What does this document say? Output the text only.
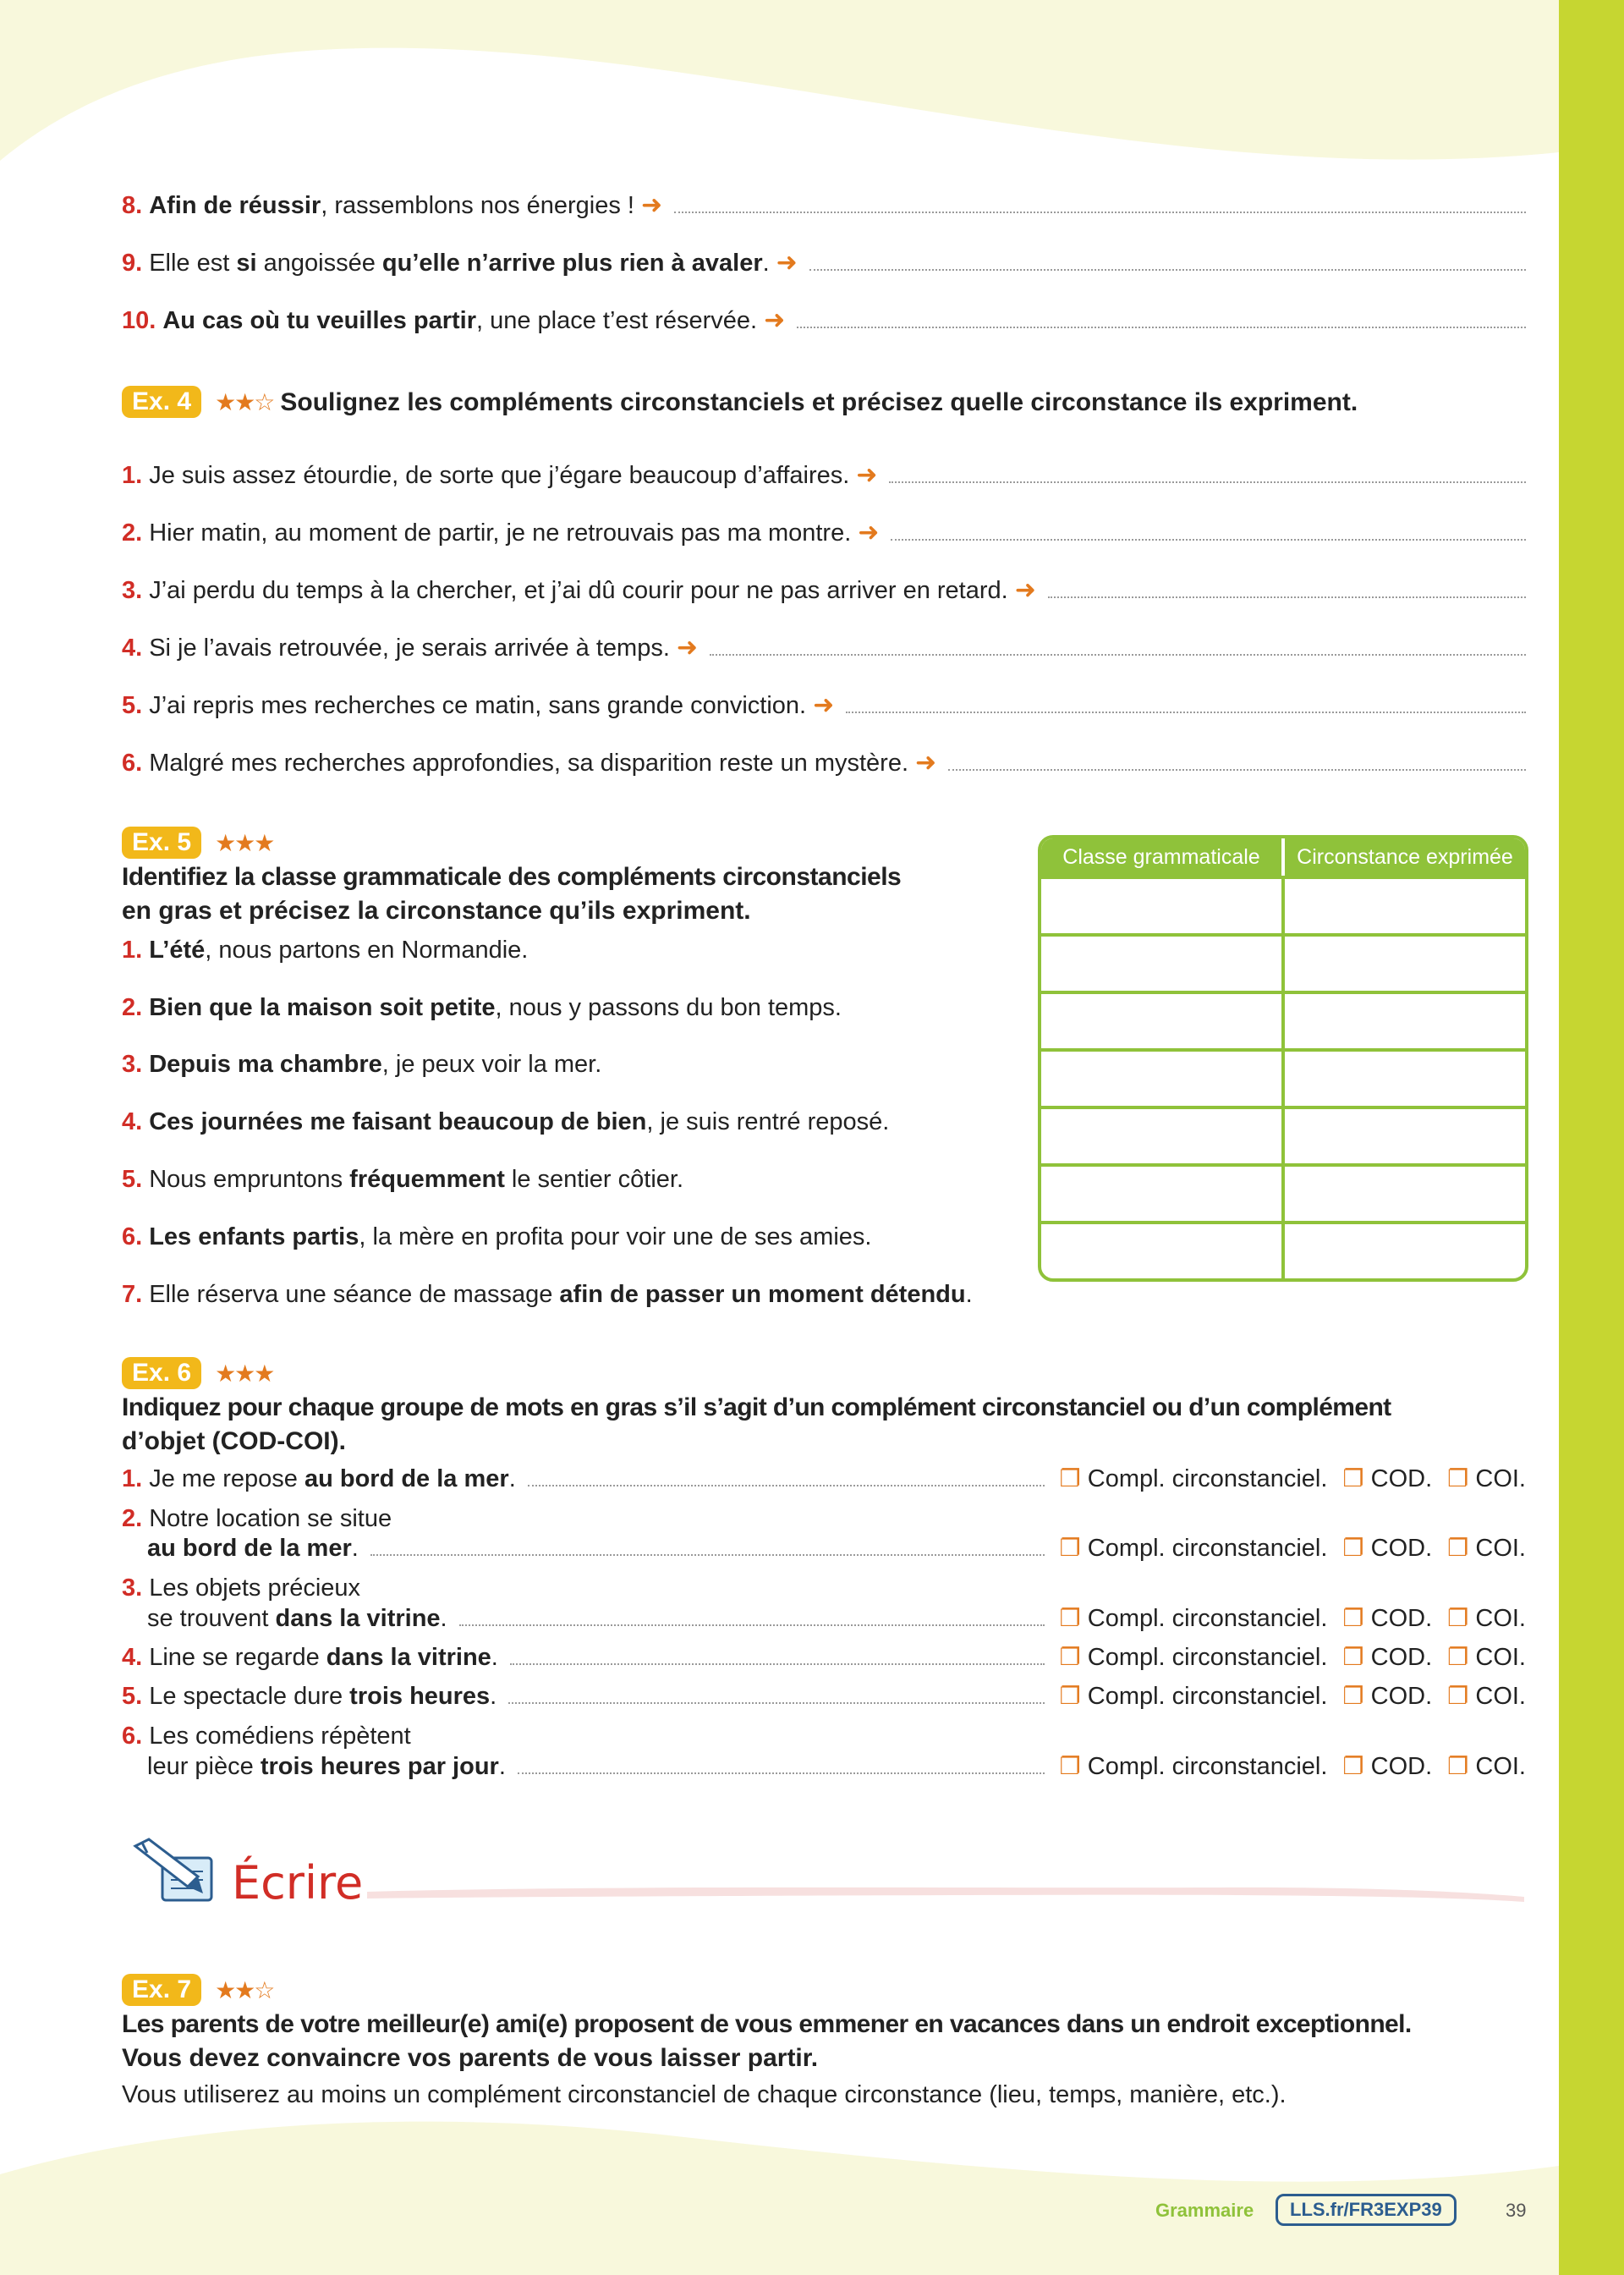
8. Afin de réussir , rassemblons nos énergies ! ➜
9. Elle est
si
angoissée
qu’elle n’arrive plus rien à avaler . ➜
10. Au cas où tu veuilles partir , une place t’est réservée. ➜
Ex. 4	★★☆ Soulignez les compléments circonstanciels et précisez quelle circonstance ils expriment.
1. Je suis assez étourdie, de sorte que j’égare beaucoup d’affaires. ➜
2. Hier matin, au moment de partir, je ne retrouvais pas ma montre. ➜
3. J’ai perdu du temps à la chercher, et j’ai dû courir pour ne pas arriver en retard. ➜
4. Si je l’avais retrouvée, je serais arrivée à temps. ➜
5. J’ai repris mes recherches ce matin, sans grande conviction. ➜
6. Malgré mes recherches approfondies, sa disparition reste un mystère. ➜
Ex. 5	★★★
Identifiez la classe grammaticale des compléments circonstanciels
en gras et précisez la circonstance qu’ils expriment.
Classe grammaticale	Circonstance exprimée
1. L’été , nous partons en Normandie.
2. Bien que la maison soit petite , nous y passons du bon temps.
3. Depuis ma chambre , je peux voir la mer.
4. Ces journées me faisant beaucoup de bien , je suis rentré reposé.
5. Nous empruntons fréquemment le sentier côtier.
6. Les enfants partis , la mère en profita pour voir une de ses amies.
7. Elle réserva une séance de massage afin de passer un moment détendu .
Ex. 6	★★★
Indiquez pour chaque groupe de mots en gras s’il s’agit d’un complément circonstanciel ou d’un complément
d’objet (COD-COI).
1. Je me repose au bord de la mer .	❐ Compl. circonstanciel. ❐ COD. ❐ COI.
2. Notre location se situe
au bord de la mer .	❐ Compl. circonstanciel. ❐ COD. ❐ COI.
3. Les objets précieux
se trouvent dans la vitrine .	❐ Compl. circonstanciel. ❐ COD. ❐ COI.
4. Line se regarde dans la vitrine .	❐ Compl. circonstanciel. ❐ COD. ❐ COI.
5. Le spectacle dure trois heures .	❐ Compl. circonstanciel. ❐ COD. ❐ COI.
6. Les comédiens répètent
leur pièce trois heures par jour .	❐ Compl. circonstanciel. ❐ COD. ❐ COI.
Écrire
Ex. 7	★★☆
Les parents de votre meilleur(e) ami(e) proposent de vous emmener en vacances dans un endroit exceptionnel.
Vous devez convaincre vos parents de vous laisser partir.
Vous utiliserez au moins un complément circonstanciel de chaque circonstance (lieu, temps, manière, etc.).
Grammaire	LLS.fr/FR3EXP39	39
